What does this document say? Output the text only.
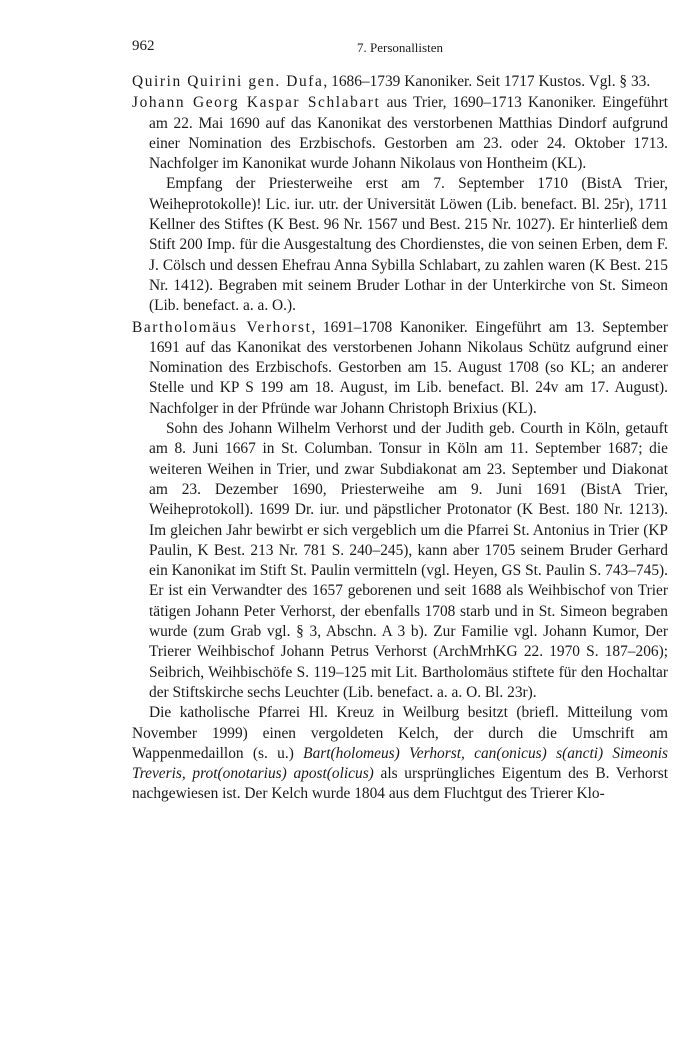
962	7. Personallisten

Quirin Quirini gen. Dufa, 1686–1739 Kanoniker. Seit 1717 Kustos. Vgl. § 33.

Johann Georg Kaspar Schlabart aus Trier, 1690–1713 Kanoniker. Eingeführt am 22. Mai 1690 auf das Kanonikat des verstorbenen Matthias Dindorf aufgrund einer Nomination des Erzbischofs. Gestorben am 23. oder 24. Oktober 1713. Nachfolger im Kanonikat wurde Johann Nikolaus von Hontheim (KL).

Empfang der Priesterweihe erst am 7. September 1710 (BistA Trier, Weiheprotokolle)! Lic. iur. utr. der Universität Löwen (Lib. benefact. Bl. 25r), 1711 Kellner des Stiftes (K Best. 96 Nr. 1567 und Best. 215 Nr. 1027). Er hinterließ dem Stift 200 Imp. für die Ausgestaltung des Chordienstes, die von seinen Erben, dem F. J. Cölsch und dessen Ehefrau Anna Sybilla Schlabart, zu zahlen waren (K Best. 215 Nr. 1412). Begraben mit seinem Bruder Lothar in der Unterkirche von St. Simeon (Lib. benefact. a. a. O.).

Bartholomäus Verhorst, 1691–1708 Kanoniker. Eingeführt am 13. September 1691 auf das Kanonikat des verstorbenen Johann Nikolaus Schütz aufgrund einer Nomination des Erzbischofs. Gestorben am 15. August 1708 (so KL; an anderer Stelle und KP S 199 am 18. August, im Lib. benefact. Bl. 24v am 17. August). Nachfolger in der Pfründe war Johann Christoph Brixius (KL).

Sohn des Johann Wilhelm Verhorst und der Judith geb. Courth in Köln, getauft am 8. Juni 1667 in St. Columban. Tonsur in Köln am 11. September 1687; die weiteren Weihen in Trier, und zwar Subdiakonat am 23. September und Diakonat am 23. Dezember 1690, Priesterweihe am 9. Juni 1691 (BistA Trier, Weiheprotokoll). 1699 Dr. iur. und päpstlicher Protonator (K Best. 180 Nr. 1213). Im gleichen Jahr bewirbt er sich vergeblich um die Pfarrei St. Antonius in Trier (KP Paulin, K Best. 213 Nr. 781 S. 240–245), kann aber 1705 seinem Bruder Gerhard ein Kanonikat im Stift St. Paulin vermitteln (vgl. Heyen, GS St. Paulin S. 743–745). Er ist ein Verwandter des 1657 geborenen und seit 1688 als Weihbischof von Trier tätigen Johann Peter Verhorst, der ebenfalls 1708 starb und in St. Simeon begraben wurde (zum Grab vgl. § 3, Abschn. A 3 b). Zur Familie vgl. Johann Kumor, Der Trierer Weihbischof Johann Petrus Verhorst (ArchMrhKG 22. 1970 S. 187–206); Seibrich, Weihbischöfe S. 119–125 mit Lit. Bartholomäus stiftete für den Hochaltar der Stiftskirche sechs Leuchter (Lib. benefact. a. a. O. Bl. 23r).

Die katholische Pfarrei Hl. Kreuz in Weilburg besitzt (briefl. Mitteilung vom November 1999) einen vergoldeten Kelch, der durch die Umschrift am Wappenmedaillon (s. u.) Bart(holomeus) Verhorst, can(onicus) s(ancti) Simeonis Treveris, prot(onotarius) apost(olicus) als ursprüngliches Eigentum des B. Verhorst nachgewiesen ist. Der Kelch wurde 1804 aus dem Fluchtgut des Trierer Klo-
